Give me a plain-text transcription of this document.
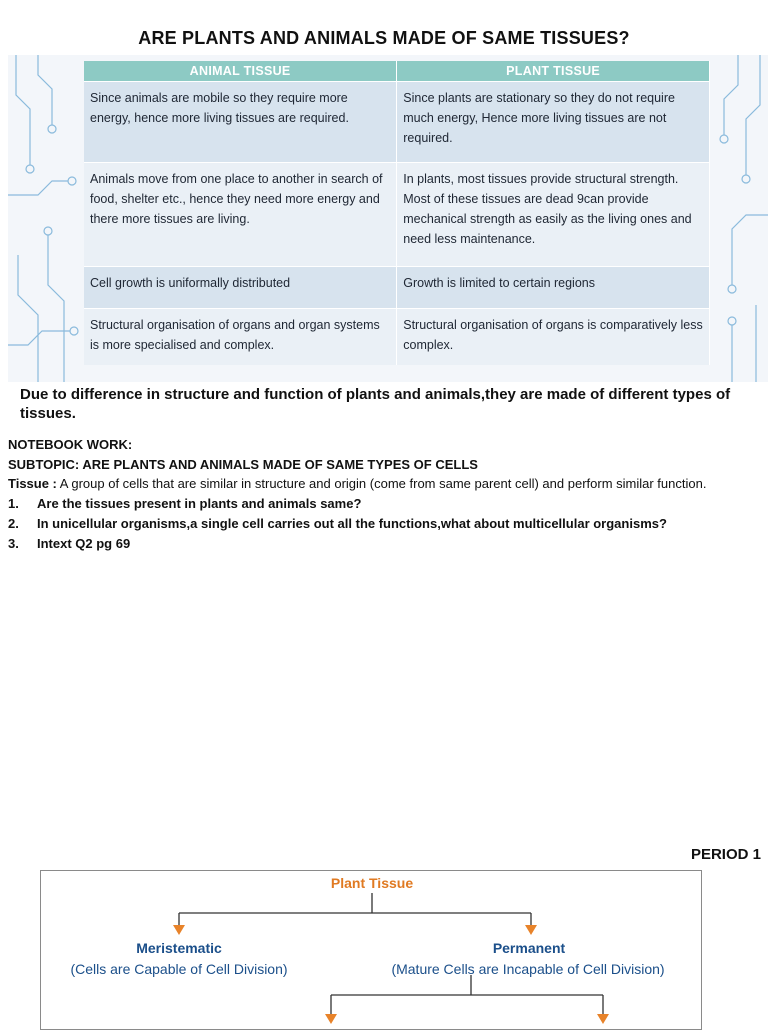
ARE PLANTS AND ANIMALS MADE OF SAME TISSUES?
ANIMAL TISSUE	PLANT TISSUE
Since animals are mobile so they require more energy, hence more living tissues are required.	Since plants are stationary so they do not require much energy, Hence more living tissues are not required.
Animals move from one place to another in search of food, shelter etc., hence they need more energy and there more tissues are living.	In plants, most tissues provide structural strength. Most of these tissues are dead 9can provide mechanical strength as easily as the living ones and need less maintenance.
Cell growth is uniformally distributed	Growth is limited to certain regions
Structural organisation of organs and organ systems is more specialised and complex.	Structural organisation of organs is comparatively less complex.
Due to difference in structure and function of plants and animals,they are made of different types of tissues.
NOTEBOOK WORK:
SUBTOPIC: ARE PLANTS AND ANIMALS MADE OF SAME TYPES OF CELLS
Tissue : A group of cells that are similar in structure and origin (come from same parent cell) and perform similar function.
1. Are the tissues present in plants and animals same?
2. In unicellular organisms,a single cell carries out all the functions,what about multicellular organisms?
3. Intext Q2 pg 69
PERIOD 1
Plant Tissue
Meristematic
(Cells are Capable of Cell Division)
Permanent
(Mature Cells are Incapable of Cell Division)
